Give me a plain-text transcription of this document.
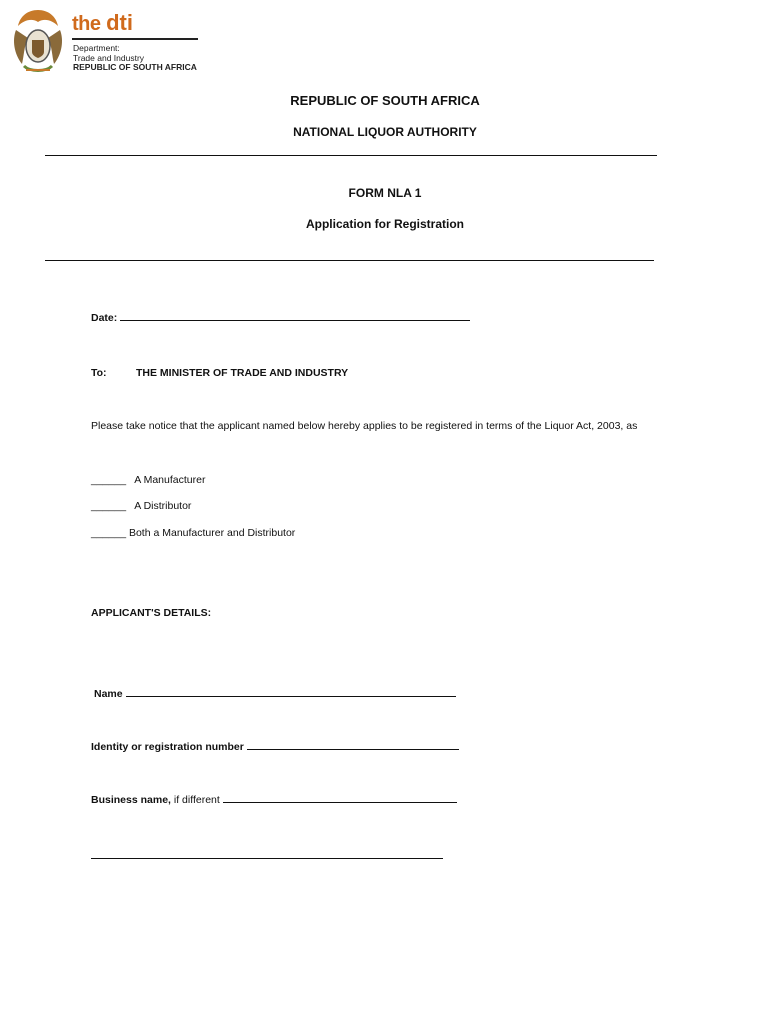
the dti
Department:
Trade and Industry
REPUBLIC OF SOUTH AFRICA
REPUBLIC OF SOUTH AFRICA
NATIONAL LIQUOR AUTHORITY
FORM NLA 1
Application for Registration
Date:
To:	THE MINISTER OF TRADE AND INDUSTRY
Please take notice that the applicant named below hereby applies to be registered in terms of the Liquor Act, 2003, as
______ A Manufacturer
______ A Distributor
______ Both a Manufacturer and Distributor
APPLICANT'S DETAILS:
Name
Identity or registration number
Business name, if different
